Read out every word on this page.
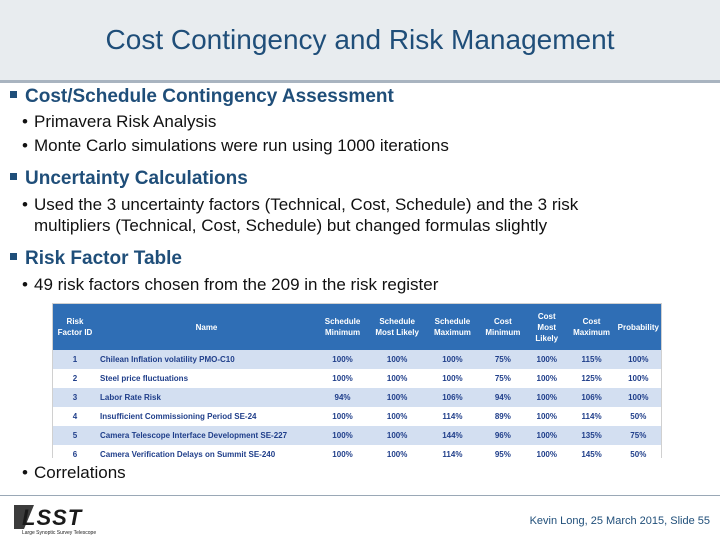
Cost Contingency and Risk Management
Cost/Schedule Contingency Assessment
• Primavera Risk Analysis
• Monte Carlo simulations were run using 1000 iterations
Uncertainty Calculations
• Used the 3 uncertainty factors (Technical, Cost, Schedule) and the 3 risk
multipliers (Technical, Cost, Schedule) but changed formulas slightly
Risk Factor Table
• 49 risk factors chosen from the 209 in the risk register
Risk Factor ID	Name	Schedule Minimum	Schedule Most Likely	Schedule Maximum	Cost Minimum	Cost Most Likely	Cost Maximum	Probability
1	Chilean Inflation volatility PMO-C10	100%	100%	100%	75%	100%	115%	100%
2	Steel price fluctuations	100%	100%	100%	75%	100%	125%	100%
3	Labor Rate Risk	94%	100%	106%	94%	100%	106%	100%
4	Insufficient Commissioning Period SE-24	100%	100%	114%	89%	100%	114%	50%
5	Camera Telescope Interface Development SE-227	100%	100%	144%	96%	100%	135%	75%
6	Camera Verification Delays on Summit SE-240	100%	100%	114%	95%	100%	145%	50%
• Correlations
LSST
Large Synoptic Survey Telescope
Kevin Long, 25 March 2015, Slide 55
